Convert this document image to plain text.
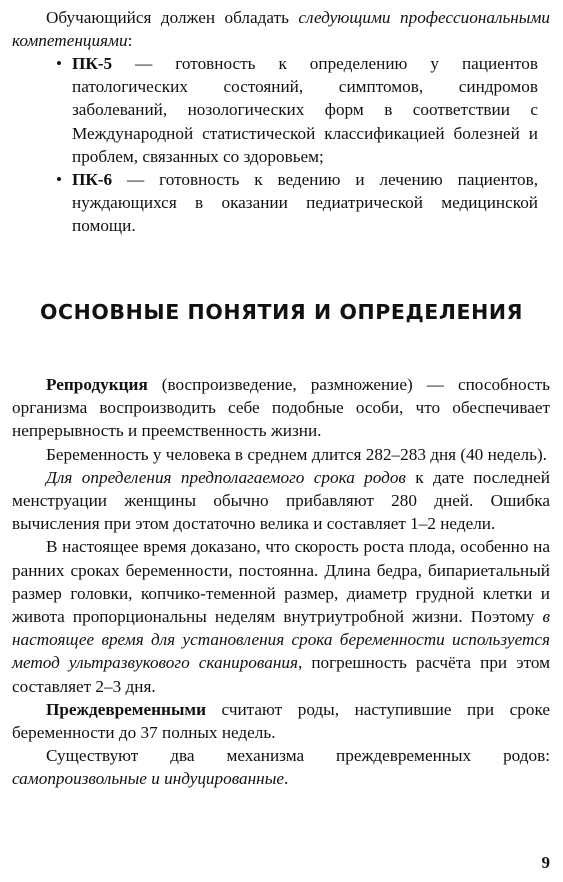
Обучающийся должен обладать следующими профессиональными компетенциями:

• ПК-5 — готовность к определению у пациентов патологических состояний, симптомов, синдромов заболеваний, нозологических форм в соответствии с Международной статистической классификацией болезней и проблем, связанных со здоровьем;
• ПК-6 — готовность к ведению и лечению пациентов, нуждающихся в оказании педиатрической медицинской помощи.
ОСНОВНЫЕ ПОНЯТИЯ И ОПРЕДЕЛЕНИЯ

Репродукция (воспроизведение, размножение) — способность организма воспроизводить себе подобные особи, что обеспечивает непрерывность и преемственность жизни.

Беременность у человека в среднем длится 282–283 дня (40 недель).

Для определения предполагаемого срока родов к дате последней менструации женщины обычно прибавляют 280 дней. Ошибка вычисления при этом достаточно велика и составляет 1–2 недели.

В настоящее время доказано, что скорость роста плода, особенно на ранних сроках беременности, постоянна. Длина бедра, бипариетальный размер головки, копчико-теменной размер, диаметр грудной клетки и живота пропорциональны неделям внутриутробной жизни. Поэтому в настоящее время для установления срока беременности используется метод ультразвукового сканирования, погрешность расчёта при этом составляет 2–3 дня.

Преждевременными считают роды, наступившие при сроке беременности до 37 полных недель.

Существуют два механизма преждевременных родов: самопроизвольные и индуцированные.

9
